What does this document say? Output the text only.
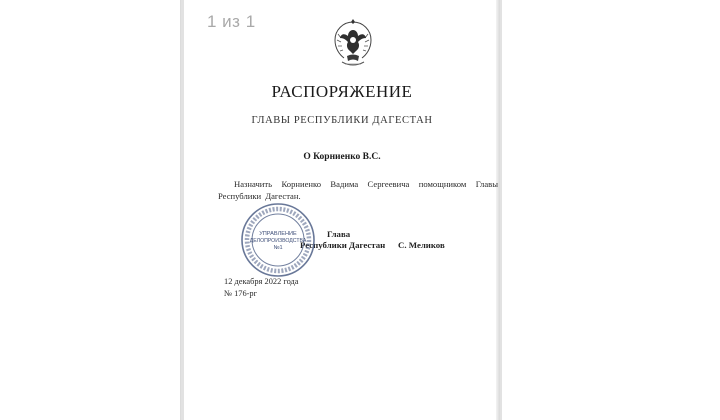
1 из 1
РАСПОРЯЖЕНИЕ
ГЛАВЫ РЕСПУБЛИКИ ДАГЕСТАН
О Корниенко В.С.
Назначить Корниенко Вадима Сергеевича помощником Главы Республики Дагестан.
Глава
Республики Дагестан С. Меликов
УПРАВЛЕНИЕ
ДЕЛОПРОИЗВОДСТВА
№1
12 декабря 2022 года
№ 176-рг
